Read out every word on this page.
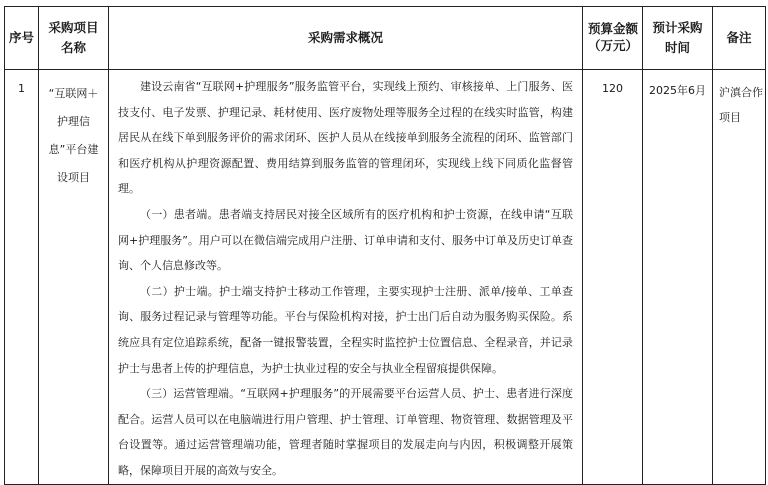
序号	采购项目名称	采购需求概况	预算金额（万元）	预计采购时间	备注
1	“互联网＋护理信息”平台建设项目	建设云南省“互联网+护理服务”服务监管平台，实现线上预约、审核接单、上门服务、医技支付、电子发票、护理记录、耗材使用、医疗废物处理等服务全过程的在线实时监管，构建居民从在线下单到服务评价的需求闭环、医护人员从在线接单到服务全流程的闭环、监管部门和医疗机构从护理资源配置、费用结算到服务监管的管理闭环，实现线上线下同质化监督管理。

（一）患者端。患者端支持居民对接全区域所有的医疗机构和护士资源，在线申请“互联网+护理服务”。用户可以在微信端完成用户注册、订单申请和支付、服务中订单及历史订单查询、个人信息修改等。

（二）护士端。护士端支持护士移动工作管理，主要实现护士注册、派单/接单、工单查询、服务过程记录与管理等功能。平台与保险机构对接，护士出门后自动为服务购买保险。系统应具有定位追踪系统，配备一键报警装置，全程实时监控护士位置信息、全程录音，并记录护士与患者上传的护理信息，为护士执业过程的安全与执业全程留痕提供保障。

（三）运营管理端。“互联网+护理服务”的开展需要平台运营人员、护士、患者进行深度配合。运营人员可以在电脑端进行用户管理、护士管理、订单管理、物资管理、数据管理及平台设置等。通过运营管理端功能，管理者随时掌握项目的发展走向与内因，积极调整开展策略，保障项目开展的高效与安全。	120	2025年6月	沪滇合作项目
